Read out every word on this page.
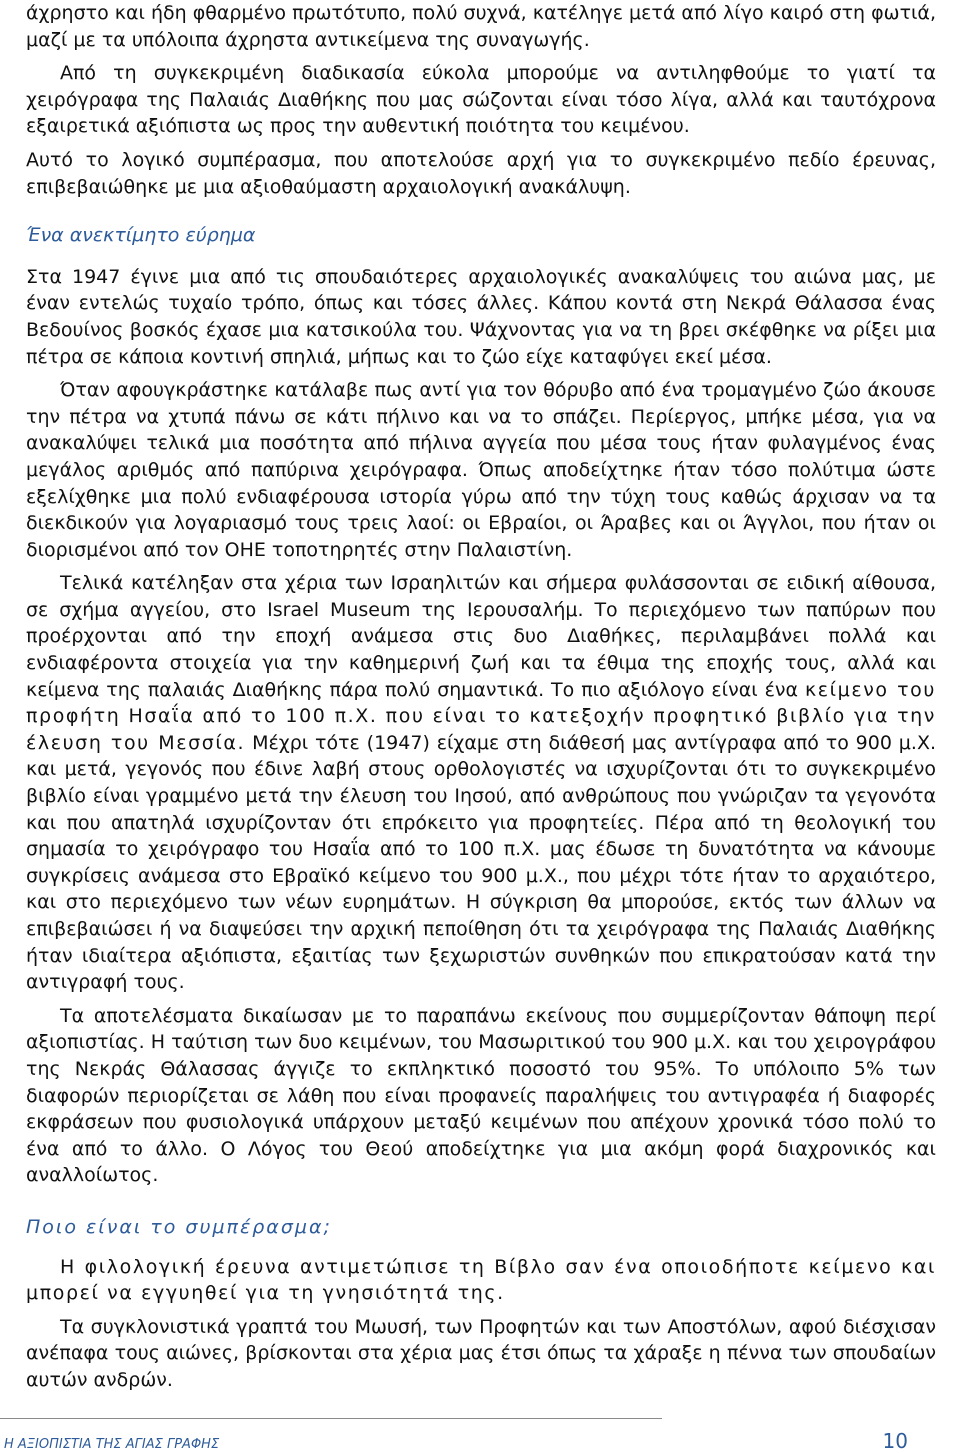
άχρηστο και ήδη φθαρμένο πρωτότυπο, πολύ συχνά, κατέληγε μετά από λίγο καιρό στη φωτιά, μαζί με τα υπόλοιπα άχρηστα αντικείμενα της συναγωγής.

Από τη συγκεκριμένη διαδικασία εύκολα μπορούμε να αντιληφθούμε το γιατί τα χειρόγραφα της Παλαιάς Διαθήκης που μας σώζονται είναι τόσο λίγα, αλλά και ταυτόχρονα εξαιρετικά αξιόπιστα ως προς την αυθεντική ποιότητα του κειμένου.

Αυτό το λογικό συμπέρασμα, που αποτελούσε αρχή για το συγκεκριμένο πεδίο έρευνας, επιβεβαιώθηκε με μια αξιοθαύμαστη αρχαιολογική ανακάλυψη.

Ένα ανεκτίμητο εύρημα

Στα 1947 έγινε μια από τις σπουδαιότερες αρχαιολογικές ανακαλύψεις του αιώνα μας, με έναν εντελώς τυχαίο τρόπο, όπως και τόσες άλλες. Κάπου κοντά στη Νεκρά Θάλασσα ένας Βεδουίνος βοσκός έχασε μια κατσικούλα του. Ψάχνοντας για να τη βρει σκέφθηκε να ρίξει μια πέτρα σε κάποια κοντινή σπηλιά, μήπως και το ζώο είχε καταφύγει εκεί μέσα.

Όταν αφουγκράστηκε κατάλαβε πως αντί για τον θόρυβο από ένα τρομαγμένο ζώο άκουσε την πέτρα να χτυπά πάνω σε κάτι πήλινο και να το σπάζει. Περίεργος, μπήκε μέσα, για να ανακαλύψει τελικά μια ποσότητα από πήλινα αγγεία που μέσα τους ήταν φυλαγμένος ένας μεγάλος αριθμός από παπύρινα χειρόγραφα. Όπως αποδείχτηκε ήταν τόσο πολύτιμα ώστε εξελίχθηκε μια πολύ ενδιαφέρουσα ιστορία γύρω από την τύχη τους καθώς άρχισαν να τα διεκδικούν για λογαριασμό τους τρεις λαοί: οι Εβραίοι, οι Άραβες και οι Άγγλοι, που ήταν οι διορισμένοι από τον ΟΗΕ τοποτηρητές στην Παλαιστίνη.

Τελικά κατέληξαν στα χέρια των Ισραηλιτών και σήμερα φυλάσσονται σε ειδική αίθουσα, σε σχήμα αγγείου, στο Israel Museum της Ιερουσαλήμ. Το περιεχόμενο των παπύρων που προέρχονται από την εποχή ανάμεσα στις δυο Διαθήκες, περιλαμβάνει πολλά και ενδιαφέροντα στοιχεία για την καθημερινή ζωή και τα έθιμα της εποχής τους, αλλά και κείμενα της παλαιάς Διαθήκης πάρα πολύ σημαντικά. Το πιο αξιόλογο είναι ένα κείμενο του προφήτη Ησαΐα από το 100 π.Χ. που είναι το κατεξοχήν προφητικό βιβλίο για την έλευση του Μεσσία. Μέχρι τότε (1947) είχαμε στη διάθεσή μας αντίγραφα από το 900 μ.Χ. και μετά, γεγονός που έδινε λαβή στους ορθολογιστές να ισχυρίζονται ότι το συγκεκριμένο βιβλίο είναι γραμμένο μετά την έλευση του Ιησού, από ανθρώπους που γνώριζαν τα γεγονότα και που απατηλά ισχυρίζονταν ότι επρόκειτο για προφητείες. Πέρα από τη θεολογική του σημασία το χειρόγραφο του Ησαΐα από το 100 π.Χ. μας έδωσε τη δυνατότητα να κάνουμε συγκρίσεις ανάμεσα στο Εβραϊκό κείμενο του 900 μ.Χ., που μέχρι τότε ήταν το αρχαιότερο, και στο περιεχόμενο των νέων ευρημάτων. Η σύγκριση θα μπορούσε, εκτός των άλλων να επιβεβαιώσει ή να διαψεύσει την αρχική πεποίθηση ότι τα χειρόγραφα της Παλαιάς Διαθήκης ήταν ιδιαίτερα αξιόπιστα, εξαιτίας των ξεχωριστών συνθηκών που επικρατούσαν κατά την αντιγραφή τους.

Τα αποτελέσματα δικαίωσαν με το παραπάνω εκείνους που συμμερίζονταν θάποψη περί αξιοπιστίας. Η ταύτιση των δυο κειμένων, του Μασωριτικού του 900 μ.Χ. και του χειρογράφου της Νεκράς Θάλασσας άγγιζε το εκπληκτικό ποσοστό του 95%. Το υπόλοιπο 5% των διαφορών περιορίζεται σε λάθη που είναι προφανείς παραλήψεις του αντιγραφέα ή διαφορές εκφράσεων που φυσιολογικά υπάρχουν μεταξύ κειμένων που απέχουν χρονικά τόσο πολύ το ένα από το άλλο. Ο Λόγος του Θεού αποδείχτηκε για μια ακόμη φορά διαχρονικός και αναλλοίωτος.

Ποιο είναι το συμπέρασμα;

Η φιλολογική έρευνα αντιμετώπισε τη Βίβλο σαν ένα οποιοδήποτε κείμενο και μπορεί να εγγυηθεί για τη γνησιότητά της.

Τα συγκλονιστικά γραπτά του Μωυσή, των Προφητών και των Αποστόλων, αφού διέσχισαν ανέπαφα τους αιώνες, βρίσκονται στα χέρια μας έτσι όπως τα χάραξε η πέννα των σπουδαίων αυτών ανδρών.

Η ΑΞΙΟΠΙΣΤΙΑ ΤΗΣ ΑΓΙΑΣ ΓΡΑΦΗΣ	10
